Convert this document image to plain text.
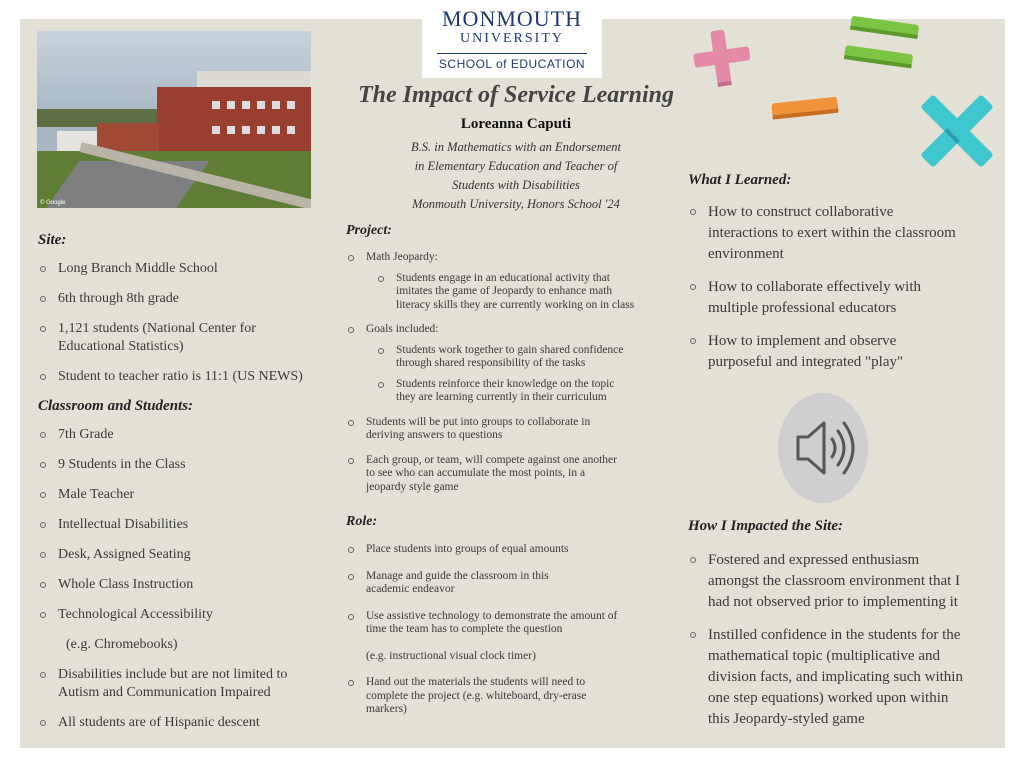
© Google
MONMOUTH
UNIVERSITY
SCHOOL of EDUCATION
The Impact of Service Learning
Loreanna Caputi
B.S. in Mathematics with an Endorsement
in Elementary Education and Teacher of
Students with Disabilities
Monmouth University, Honors School '24
Site:
Long Branch Middle School
6th through 8th grade
1,121 students (National Center for
Educational Statistics)
Student to teacher ratio is 11:1 (US NEWS)
Classroom and Students:
7th Grade
9 Students in the Class
Male Teacher
Intellectual Disabilities
Desk, Assigned Seating
Whole Class Instruction
Technological Accessibility
(e.g. Chromebooks)
Disabilities include but are not limited to
Autism and Communication Impaired
All students are of Hispanic descent
Project:
Math Jeopardy:
Students engage in an educational activity that
imitates the game of Jeopardy to enhance math
literacy skills they are currently working on in class
Goals included:
Students work together to gain shared confidence
through shared responsibility of the tasks
Students reinforce their knowledge on the topic
they are learning currently in their curriculum
Students will be put into groups to collaborate in
deriving answers to questions
Each group, or team, will compete against one another
to see who can accumulate the most points, in a
jeopardy style game
Role:
Place students into groups of equal amounts
Manage and guide the classroom in this
academic endeavor
Use assistive technology to demonstrate the amount of
time the team has to complete the question
(e.g. instructional visual clock timer)
Hand out the materials the students will need to
complete the project (e.g. whiteboard, dry-erase
markers)
What I Learned:
How to construct collaborative
interactions to exert within the classroom
environment
How to collaborate effectively with
multiple professional educators
How to implement and observe
purposeful and integrated "play"
How I Impacted the Site:
Fostered and expressed enthusiasm
amongst the classroom environment that I
had not observed prior to implementing it
Instilled confidence in the students for the
mathematical topic (multiplicative and
division facts, and implicating such within
one step equations) worked upon within
this Jeopardy-styled game
